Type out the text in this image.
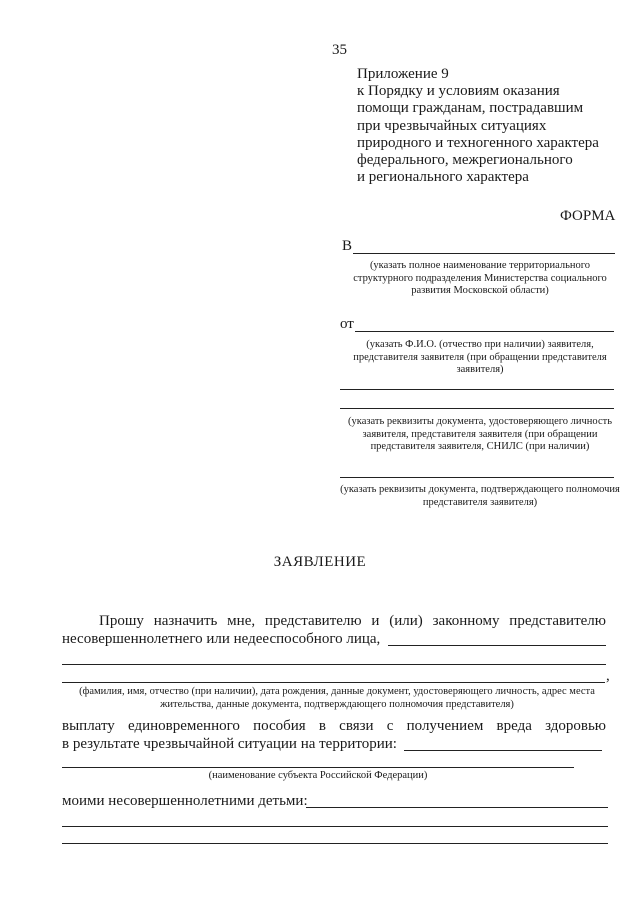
35
Приложение 9
к Порядку и условиям оказания
помощи гражданам, пострадавшим
при чрезвычайных ситуациях
природного и техногенного характера
федерального, межрегионального
и регионального характера
ФОРМА
В
(указать полное наименование территориального структурного подразделения Министерства социального развития Московской области)
от
(указать Ф.И.О. (отчество при наличии) заявителя, представителя заявителя (при обращении представителя заявителя)
(указать реквизиты документа, удостоверяющего личность заявителя, представителя заявителя (при обращении представителя заявителя, СНИЛС (при наличии)
(указать реквизиты документа, подтверждающего полномочия представителя заявителя)
ЗАЯВЛЕНИЕ
Прошу назначить мне, представителю и (или) законному представителю
несовершеннолетнего или недееспособного лица,
,
(фамилия, имя, отчество (при наличии), дата рождения, данные документ, удостоверяющего личность, адрес места жительства, данные документа, подтверждающего полномочия представителя)
выплату единовременного пособия в связи с получением вреда здоровью
в результате чрезвычайной ситуации на территории:
(наименование субъекта Российской Федерации)
моими несовершеннолетними детьми:
